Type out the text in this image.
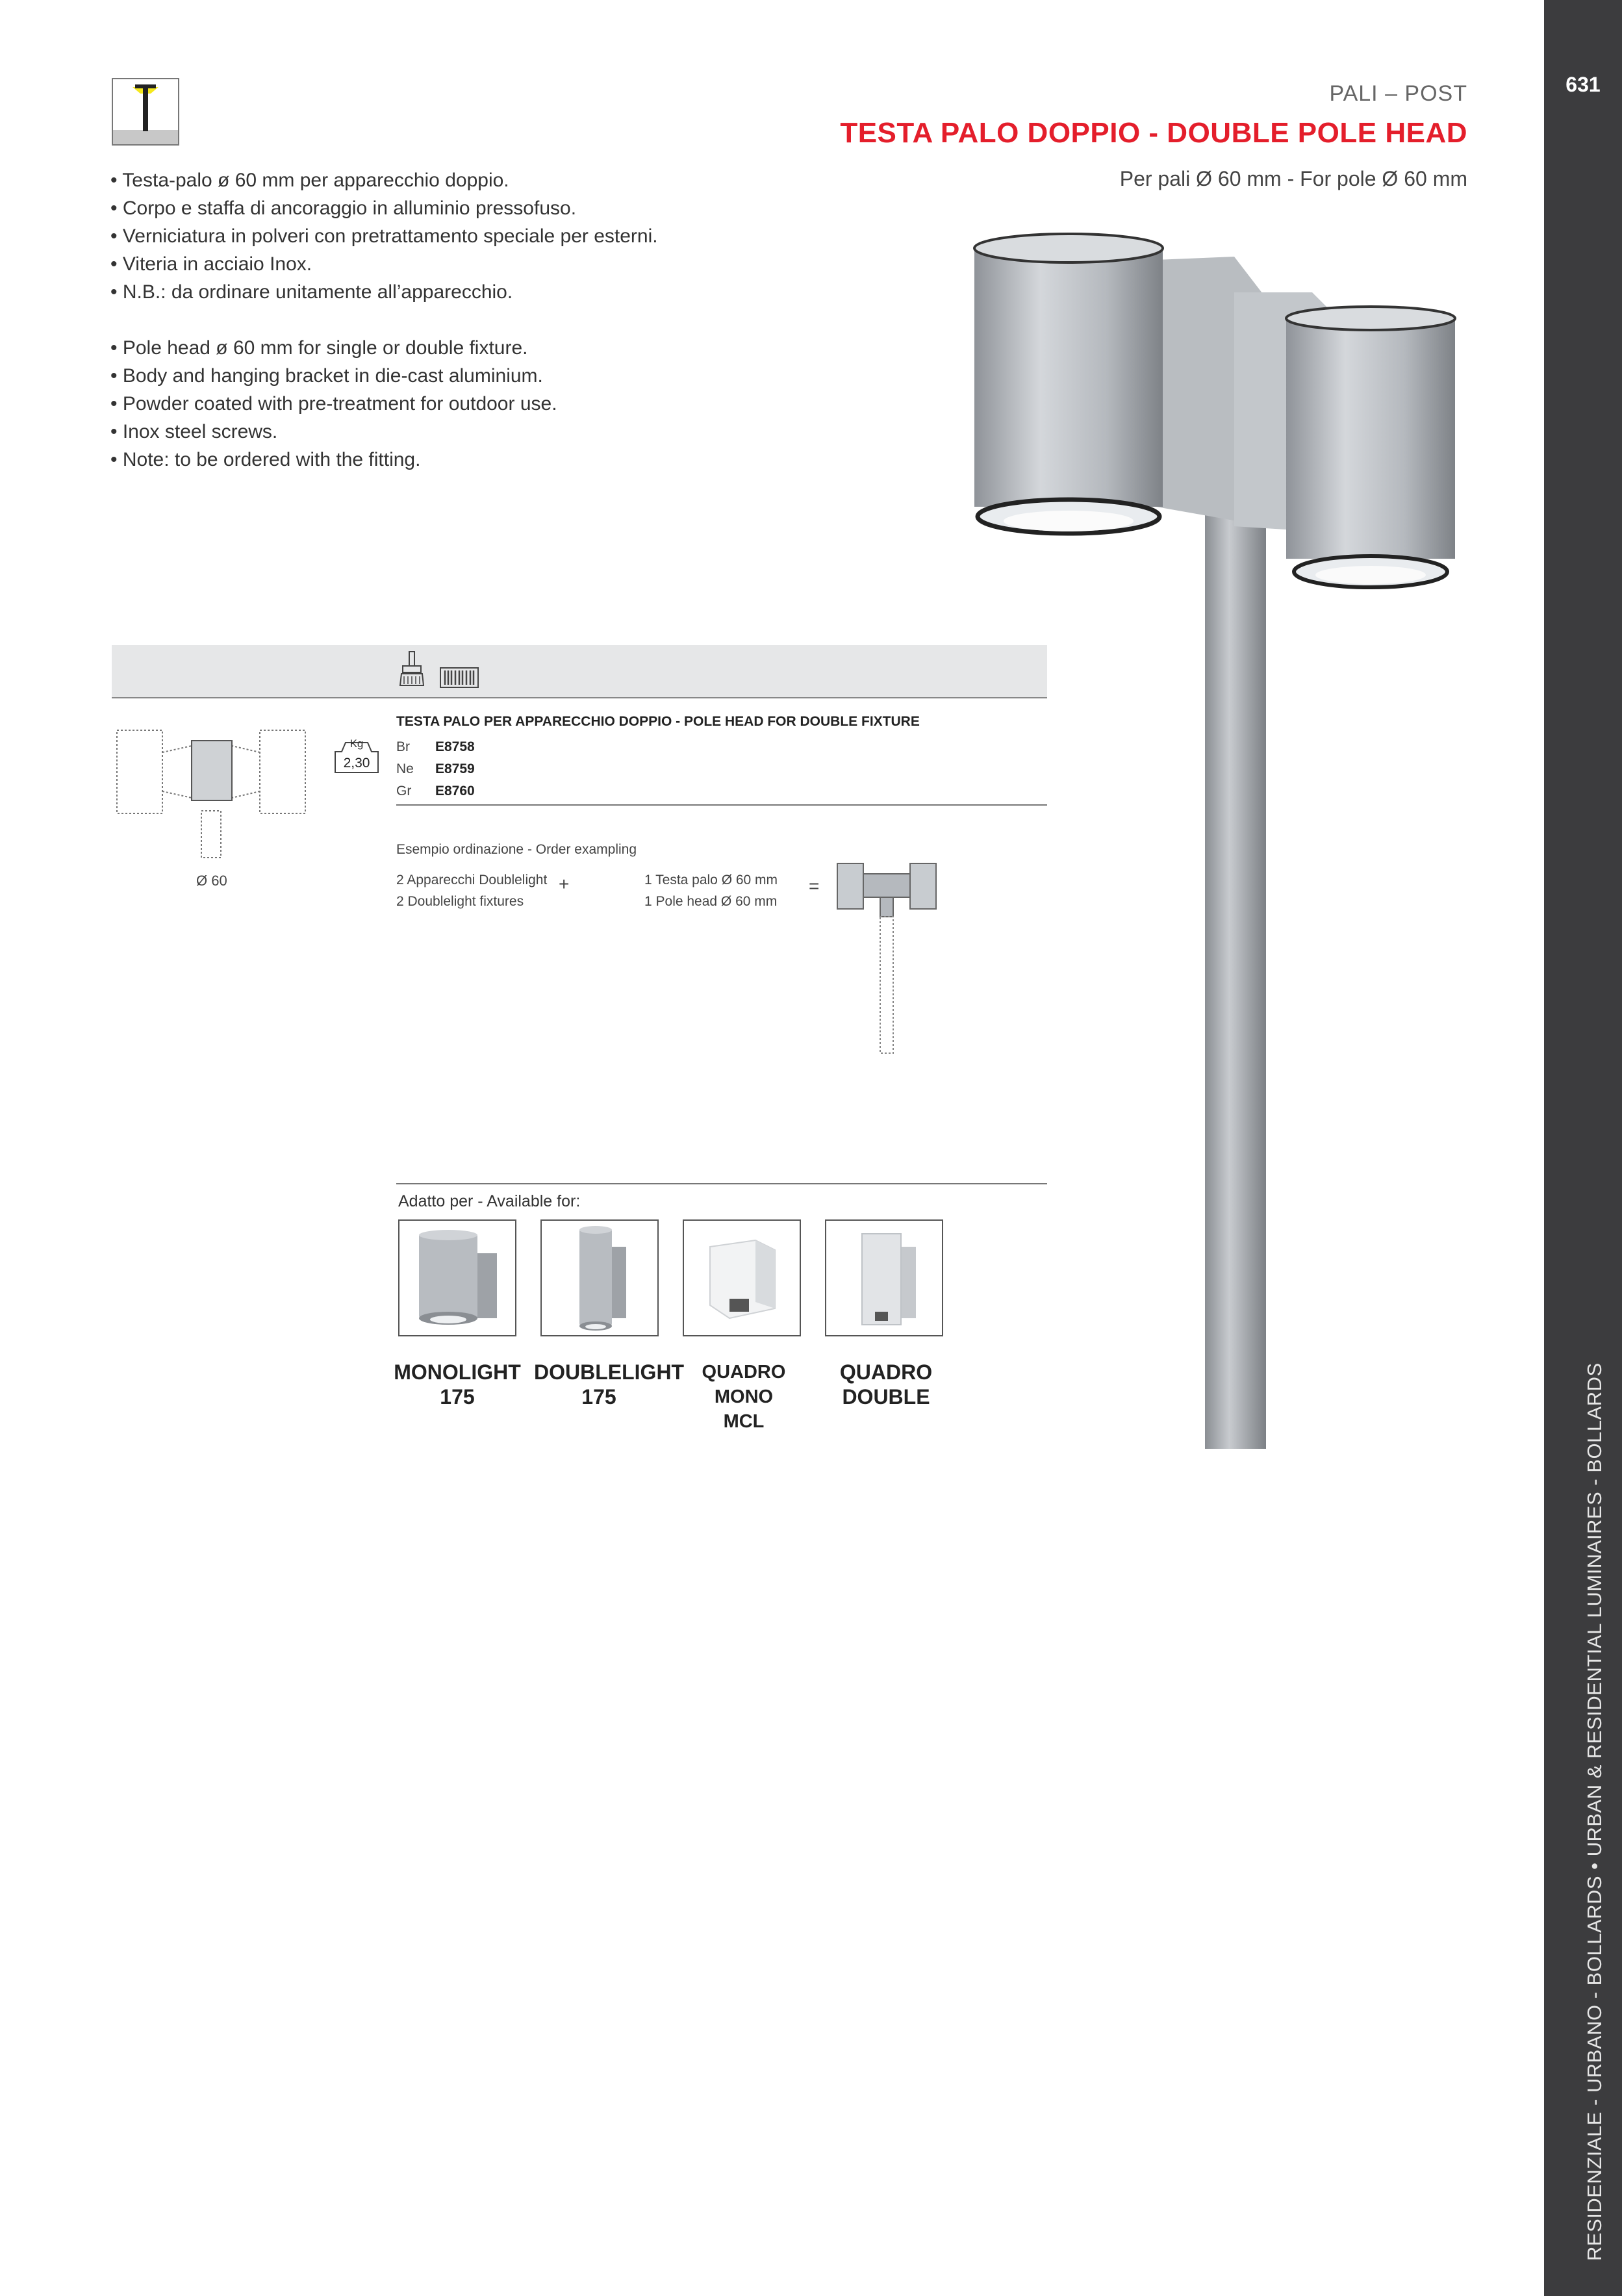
631
RESIDENZIALE - URBANO - BOLLARDS • URBAN & RESIDENTIAL LUMINAIRES - BOLLARDS
PALI – POST
TESTA PALO DOPPIO - DOUBLE POLE HEAD
Per pali Ø 60 mm - For pole Ø 60 mm
• Testa-palo ø 60 mm per apparecchio doppio.
• Corpo e staffa di ancoraggio in alluminio pressofuso.
• Verniciatura in polveri con pretrattamento speciale per esterni.
• Viteria in acciaio Inox.
• N.B.: da ordinare unitamente all’apparecchio.
• Pole head ø 60 mm for single or double fixture.
• Body and hanging bracket in die-cast aluminium.
• Powder coated with pre-treatment for outdoor use.
• Inox steel screws.
• Note: to be ordered with the fitting.
Ø 60
Kg
2,30
TESTA PALO PER APPARECCHIO DOPPIO - POLE HEAD FOR DOUBLE FIXTURE
Br E8758
Ne E8759
Gr E8760
Esempio ordinazione - Order exampling
2 Apparecchi Doublelight
2 Doublelight fixtures
+	1 Testa palo Ø 60 mm
1 Pole head Ø 60 mm
=
Adatto per - Available for:
MONOLIGHT
175
DOUBLELIGHT
175
QUADRO MONO
MCL
QUADRO
DOUBLE
